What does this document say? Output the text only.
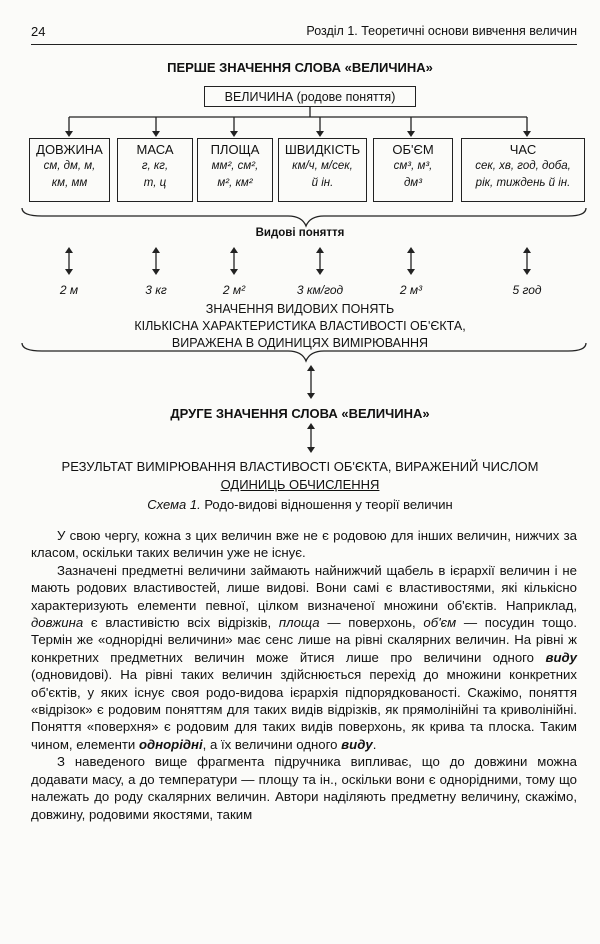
24	Розділ 1. Теоретичні основи вивчення величин
ПЕРШЕ ЗНАЧЕННЯ СЛОВА «ВЕЛИЧИНА»
ВЕЛИЧИНА (родове поняття)
ДОВЖИНА
см, дм, м,
км, мм
МАСА
г, кг,
т, ц
ПЛОЩА
мм², см²,
м², км²
ШВИДКІСТЬ
км/ч, м/сек,
й ін.
ОБ'ЄМ
см³, м³,
дм³
ЧАС
сек, хв, год, доба,
рік, тиждень й ін.
Видові поняття
2 м	3 кг	2 м²	3 км/год	2 м³	5 год
ЗНАЧЕННЯ ВИДОВИХ ПОНЯТЬ
КІЛЬКІСНА ХАРАКТЕРИСТИКА ВЛАСТИВОСТІ ОБ'ЄКТА,
ВИРАЖЕНА В ОДИНИЦЯХ ВИМІРЮВАННЯ
ДРУГЕ ЗНАЧЕННЯ СЛОВА «ВЕЛИЧИНА»
РЕЗУЛЬТАТ ВИМІРЮВАННЯ ВЛАСТИВОСТІ ОБ'ЄКТА, ВИРАЖЕНИЙ ЧИСЛОМ
ОДИНИЦЬ ОБЧИСЛЕННЯ
Схема 1. Родо-видові відношення у теорії величин

У свою чергу, кожна з цих величин вже не є родовою для інших величин, нижчих за класом, оскільки таких величин уже не існує.

Зазначені предметні величини займають найнижчий щабель в ієрархії величин і не мають родових властивостей, лише видові. Вони самі є властивостями, які кількісно характеризують елементи певної, цілком визначеної множини об'єктів. Наприклад, довжина є властивістю всіх відрізків, площа — поверхонь, об'єм — посудин тощо. Термін же «однорідні величини» має сенс лише на рівні скалярних величин. На рівні ж конкретних предметних величин може йтися лише про величини одного виду (одновидові). На рівні таких величин здійснюється перехід до множини конкретних об'єктів, у яких існує своя родо-видова ієрархія підпорядкованості. Скажімо, поняття «відрізок» є родовим поняттям для таких видів відрізків, як прямолінійні та криволінійні. Поняття «поверхня» є родовим для таких видів поверхонь, як крива та плоска. Таким чином, елементи однорідні, а їх величини одного виду.

З наведеного вище фрагмента підручника випливає, що до довжини можна додавати масу, а до температури — площу та ін., оскільки вони є однорідними, тому що належать до роду скалярних величин. Автори наділяють предметну величину, скажімо, довжину, родовими якостями, таким
